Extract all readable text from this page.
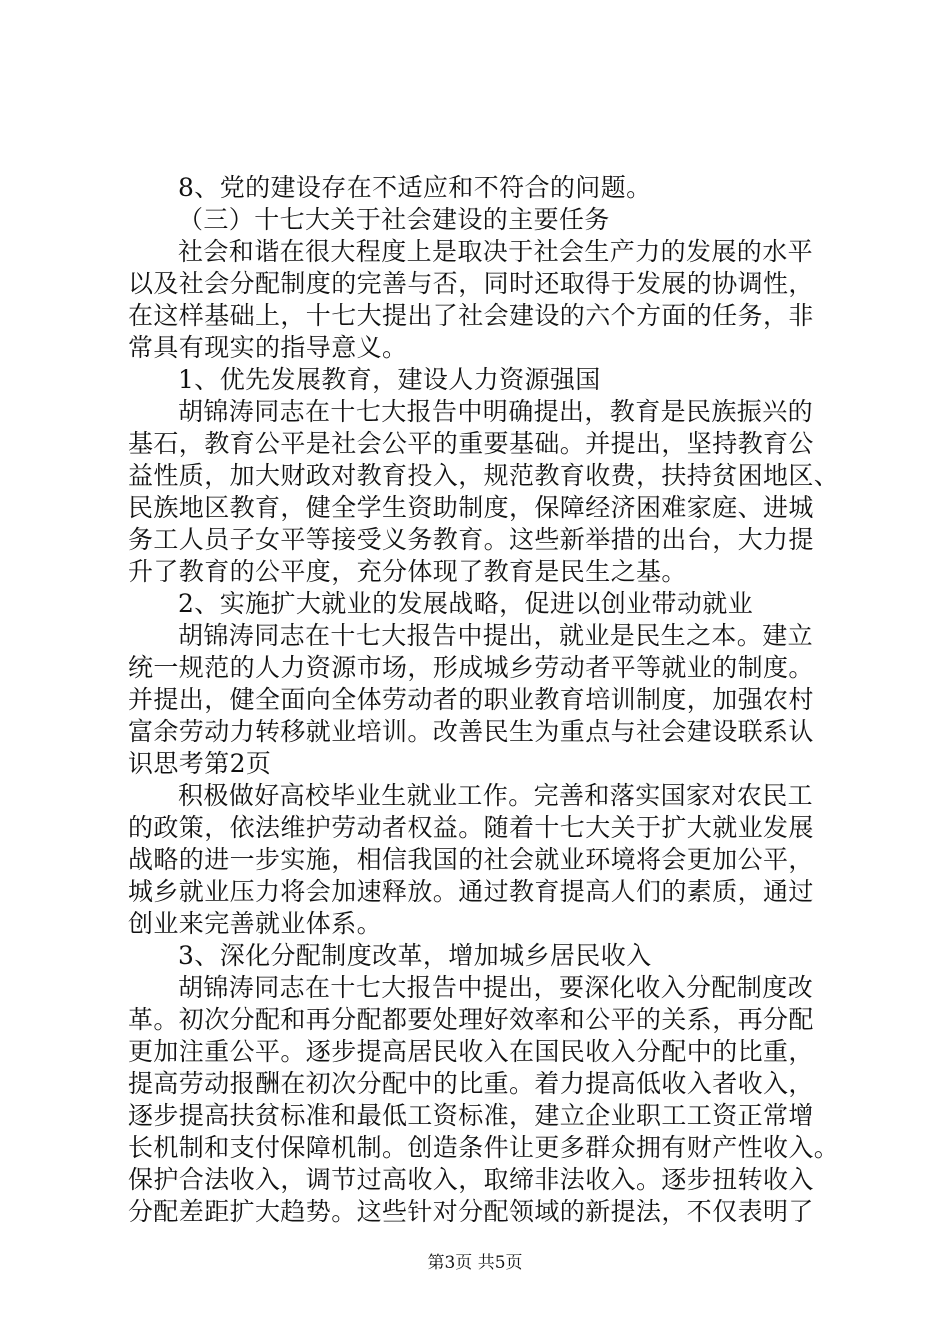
8、党的建设存在不适应和不符合的问题。
（三）十七大关于社会建设的主要任务
社会和谐在很大程度上是取决于社会生产力的发展的水平
以及社会分配制度的完善与否，同时还取得于发展的协调性，
在这样基础上，十七大提出了社会建设的六个方面的任务，非
常具有现实的指导意义。
1、优先发展教育，建设人力资源强国
胡锦涛同志在十七大报告中明确提出，教育是民族振兴的
基石，教育公平是社会公平的重要基础。并提出，坚持教育公
益性质，加大财政对教育投入，规范教育收费，扶持贫困地区、
民族地区教育，健全学生资助制度，保障经济困难家庭、进城
务工人员子女平等接受义务教育。这些新举措的出台，大力提
升了教育的公平度，充分体现了教育是民生之基。
2、实施扩大就业的发展战略，促进以创业带动就业
胡锦涛同志在十七大报告中提出，就业是民生之本。建立
统一规范的人力资源市场，形成城乡劳动者平等就业的制度。
并提出，健全面向全体劳动者的职业教育培训制度，加强农村
富余劳动力转移就业培训。改善民生为重点与社会建设联系认
识思考第2页
积极做好高校毕业生就业工作。完善和落实国家对农民工
的政策，依法维护劳动者权益。随着十七大关于扩大就业发展
战略的进一步实施，相信我国的社会就业环境将会更加公平，
城乡就业压力将会加速释放。通过教育提高人们的素质，通过
创业来完善就业体系。
3、深化分配制度改革，增加城乡居民收入
胡锦涛同志在十七大报告中提出，要深化收入分配制度改
革。初次分配和再分配都要处理好效率和公平的关系，再分配
更加注重公平。逐步提高居民收入在国民收入分配中的比重，
提高劳动报酬在初次分配中的比重。着力提高低收入者收入，
逐步提高扶贫标准和最低工资标准，建立企业职工工资正常增
长机制和支付保障机制。创造条件让更多群众拥有财产性收入。
保护合法收入，调节过高收入，取缔非法收入。逐步扭转收入
分配差距扩大趋势。这些针对分配领域的新提法，不仅表明了
第3页 共5页
